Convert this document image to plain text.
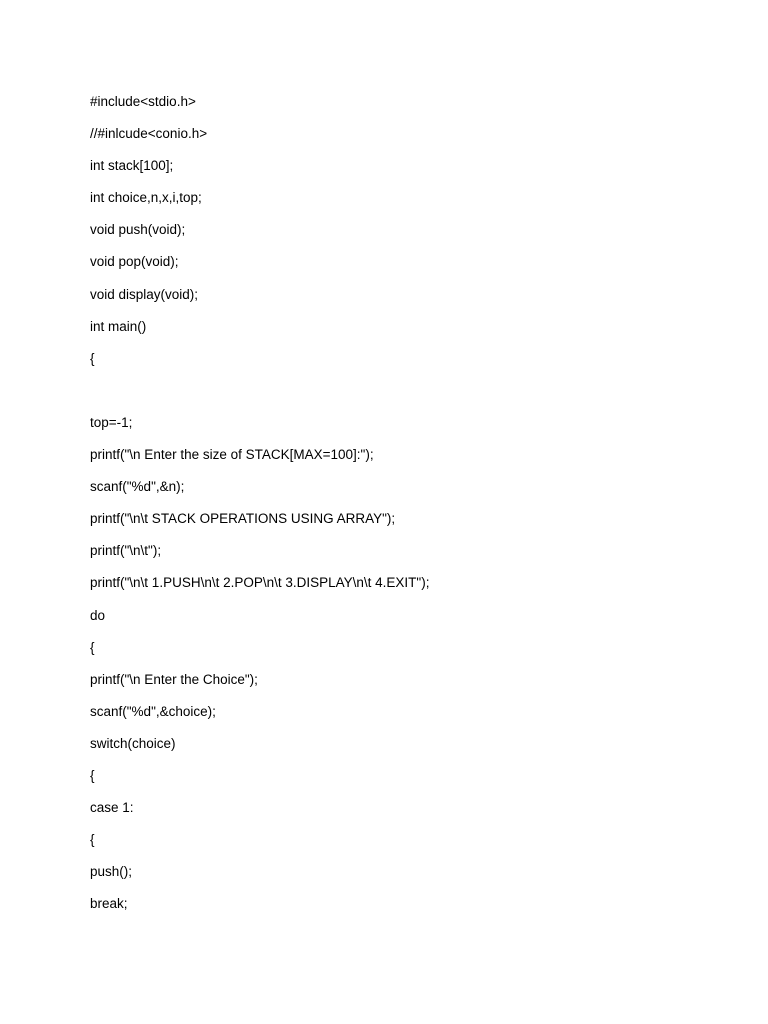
#include<stdio.h>
//#inlcude<conio.h>
int stack[100];
int choice,n,x,i,top;
void push(void);
void pop(void);
void display(void);
int main()
{
top=-1;
printf("\n Enter the size of STACK[MAX=100]:");
scanf("%d",&n);
printf("\n\t STACK OPERATIONS USING ARRAY");
printf("\n\t");
printf("\n\t 1.PUSH\n\t 2.POP\n\t 3.DISPLAY\n\t 4.EXIT");
do
{
printf("\n Enter the Choice");
scanf("%d",&choice);
switch(choice)
{
case 1:
{
push();
break;
